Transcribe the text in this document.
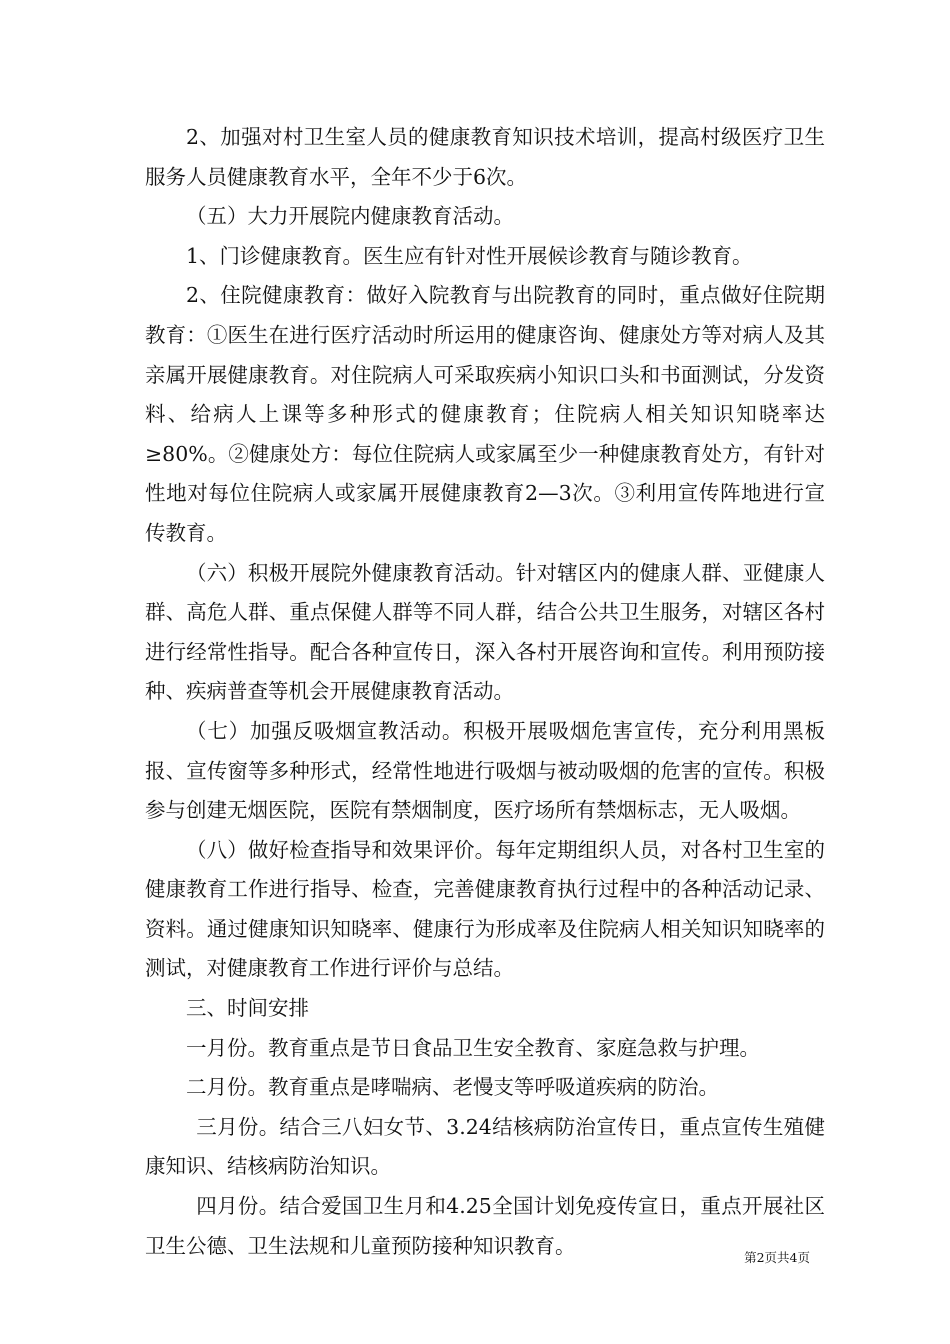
2、加强对村卫生室人员的健康教育知识技术培训，提高村级医疗卫生服务人员健康教育水平，全年不少于6次。

（五）大力开展院内健康教育活动。

1、门诊健康教育。医生应有针对性开展候诊教育与随诊教育。

2、住院健康教育：做好入院教育与出院教育的同时，重点做好住院期教育：①医生在进行医疗活动时所运用的健康咨询、健康处方等对病人及其亲属开展健康教育。对住院病人可采取疾病小知识口头和书面测试，分发资料、给病人上课等多种形式的健康教育；住院病人相关知识知晓率达≥80%。②健康处方：每位住院病人或家属至少一种健康教育处方，有针对性地对每位住院病人或家属开展健康教育2—3次。③利用宣传阵地进行宣传教育。

（六）积极开展院外健康教育活动。针对辖区内的健康人群、亚健康人群、高危人群、重点保健人群等不同人群，结合公共卫生服务，对辖区各村进行经常性指导。配合各种宣传日，深入各村开展咨询和宣传。利用预防接种、疾病普查等机会开展健康教育活动。

（七）加强反吸烟宣教活动。积极开展吸烟危害宣传，充分利用黑板报、宣传窗等多种形式，经常性地进行吸烟与被动吸烟的危害的宣传。积极参与创建无烟医院，医院有禁烟制度，医疗场所有禁烟标志，无人吸烟。

（八）做好检查指导和效果评价。每年定期组织人员，对各村卫生室的健康教育工作进行指导、检查，完善健康教育执行过程中的各种活动记录、资料。通过健康知识知晓率、健康行为形成率及住院病人相关知识知晓率的测试，对健康教育工作进行评价与总结。

三、时间安排

一月份。教育重点是节日食品卫生安全教育、家庭急救与护理。

二月份。教育重点是哮喘病、老慢支等呼吸道疾病的防治。

三月份。结合三八妇女节、3.24结核病防治宣传日，重点宣传生殖健康知识、结核病防治知识。

四月份。结合爱国卫生月和4.25全国计划免疫传宣日，重点开展社区卫生公德、卫生法规和儿童预防接种知识教育。	第2页共4页
